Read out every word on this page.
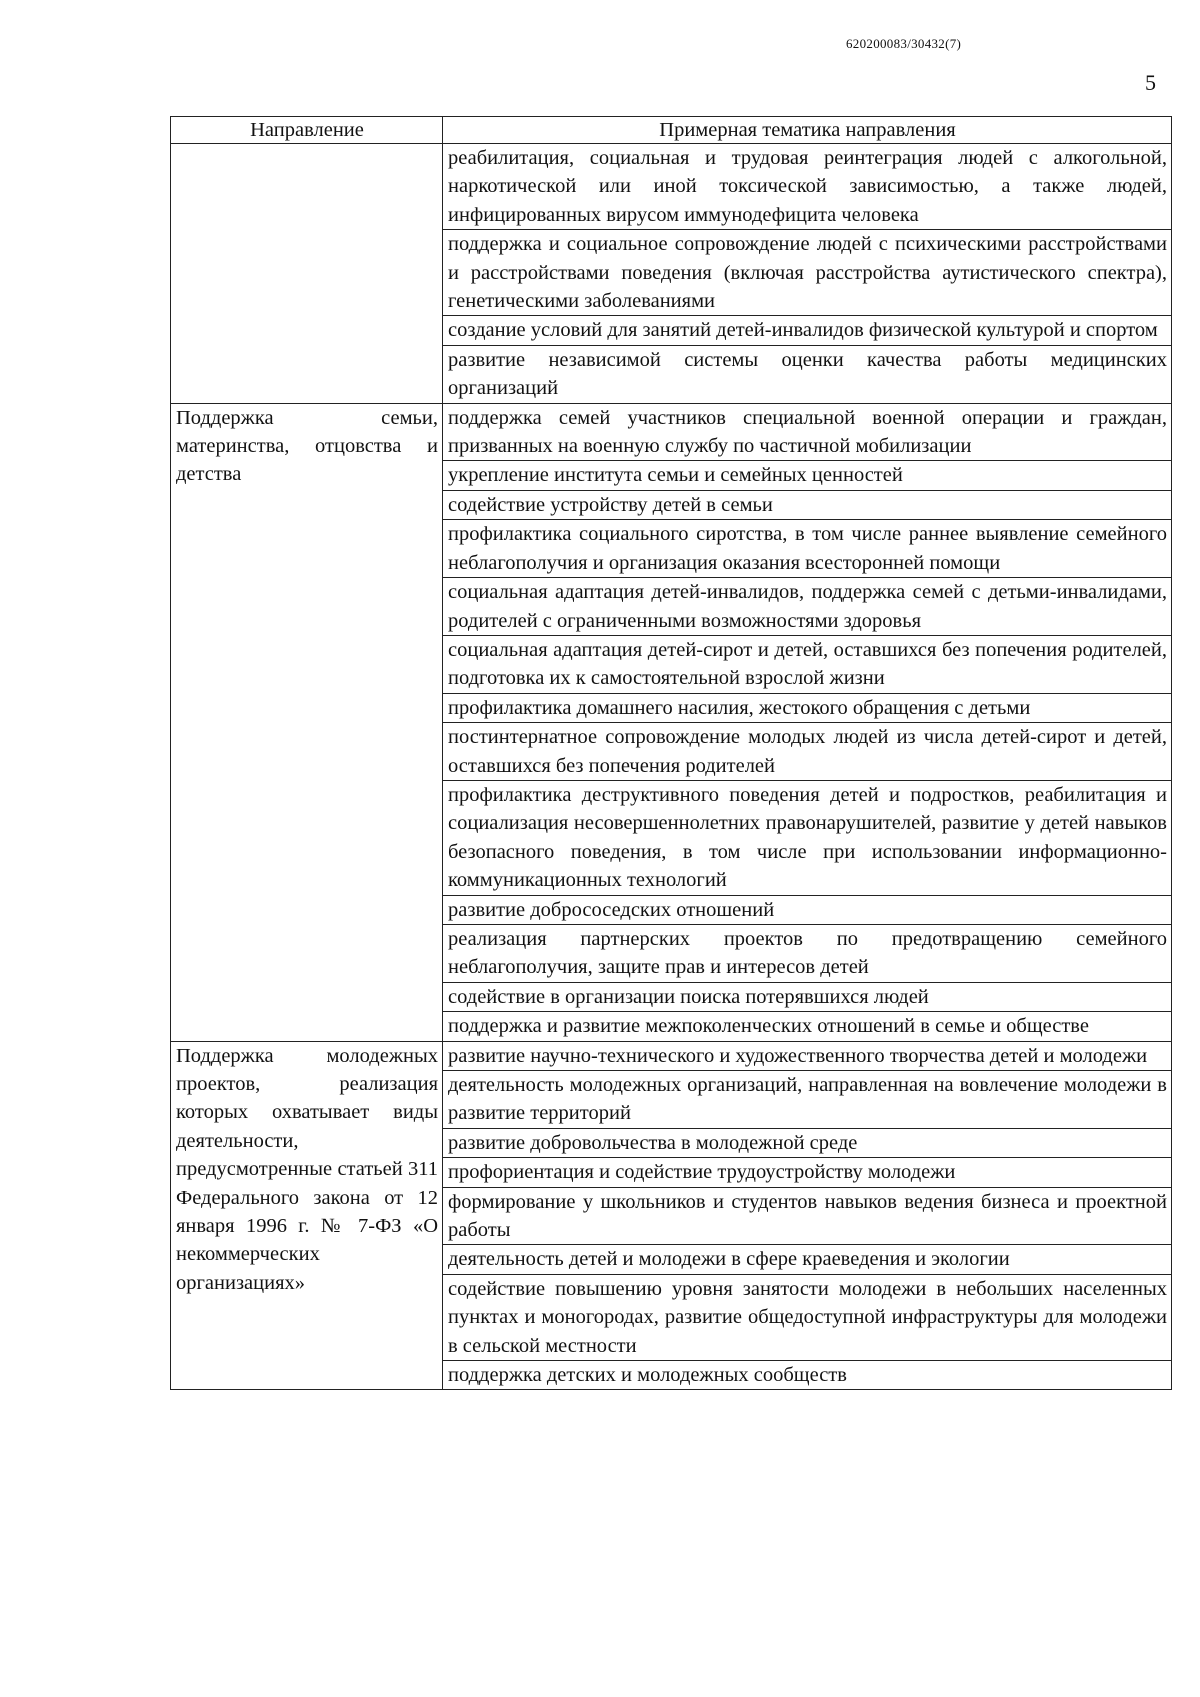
620200083/30432(7)
5
Направление	Примерная тематика направления
	реабилитация, социальная и трудовая реинтеграция людей с алкогольной, наркотической или иной токсической зависимостью, а также людей, инфицированных вирусом иммунодефицита человека
	поддержка и социальное сопровождение людей с психическими расстройствами и расстройствами поведения (включая расстройства аутистического спектра), генетическими заболеваниями
	создание условий для занятий детей-инвалидов физической культурой и спортом
	развитие независимой системы оценки качества работы медицинских организаций
Поддержка семьи, материнства, отцовства и детства	поддержка семей участников специальной военной операции и граждан, призванных на военную службу по частичной мобилизации
	укрепление института семьи и семейных ценностей
	содействие устройству детей в семьи
	профилактика социального сиротства, в том числе раннее выявление семейного неблагополучия и организация оказания всесторонней помощи
	социальная адаптация детей-инвалидов, поддержка семей с детьми-инвалидами, родителей с ограниченными возможностями здоровья
	социальная адаптация детей-сирот и детей, оставшихся без попечения родителей, подготовка их к самостоятельной взрослой жизни
	профилактика домашнего насилия, жестокого обращения с детьми
	постинтернатное сопровождение молодых людей из числа детей-сирот и детей, оставшихся без попечения родителей
	профилактика деструктивного поведения детей и подростков, реабилитация и социализация несовершеннолетних правонарушителей, развитие у детей навыков безопасного поведения, в том числе при использовании информационно-коммуникационных технологий
	развитие добрососедских отношений
	реализация партнерских проектов по предотвращению семейного неблагополучия, защите прав и интересов детей
	содействие в организации поиска потерявшихся людей
	поддержка и развитие межпоколенческих отношений в семье и обществе
Поддержка молодежных проектов, реализация которых охватывает виды деятельности, предусмотренные статьей 311 Федерального закона от 12 января 1996 г. № 7-ФЗ «О некоммерческих организациях»	развитие научно-технического и художественного творчества детей и молодежи
	деятельность молодежных организаций, направленная на вовлечение молодежи в развитие территорий
	развитие добровольчества в молодежной среде
	профориентация и содействие трудоустройству молодежи
	формирование у школьников и студентов навыков ведения бизнеса и проектной работы
	деятельность детей и молодежи в сфере краеведения и экологии
	содействие повышению уровня занятости молодежи в небольших населенных пунктах и моногородах, развитие общедоступной инфраструктуры для молодежи в сельской местности
	поддержка детских и молодежных сообществ
